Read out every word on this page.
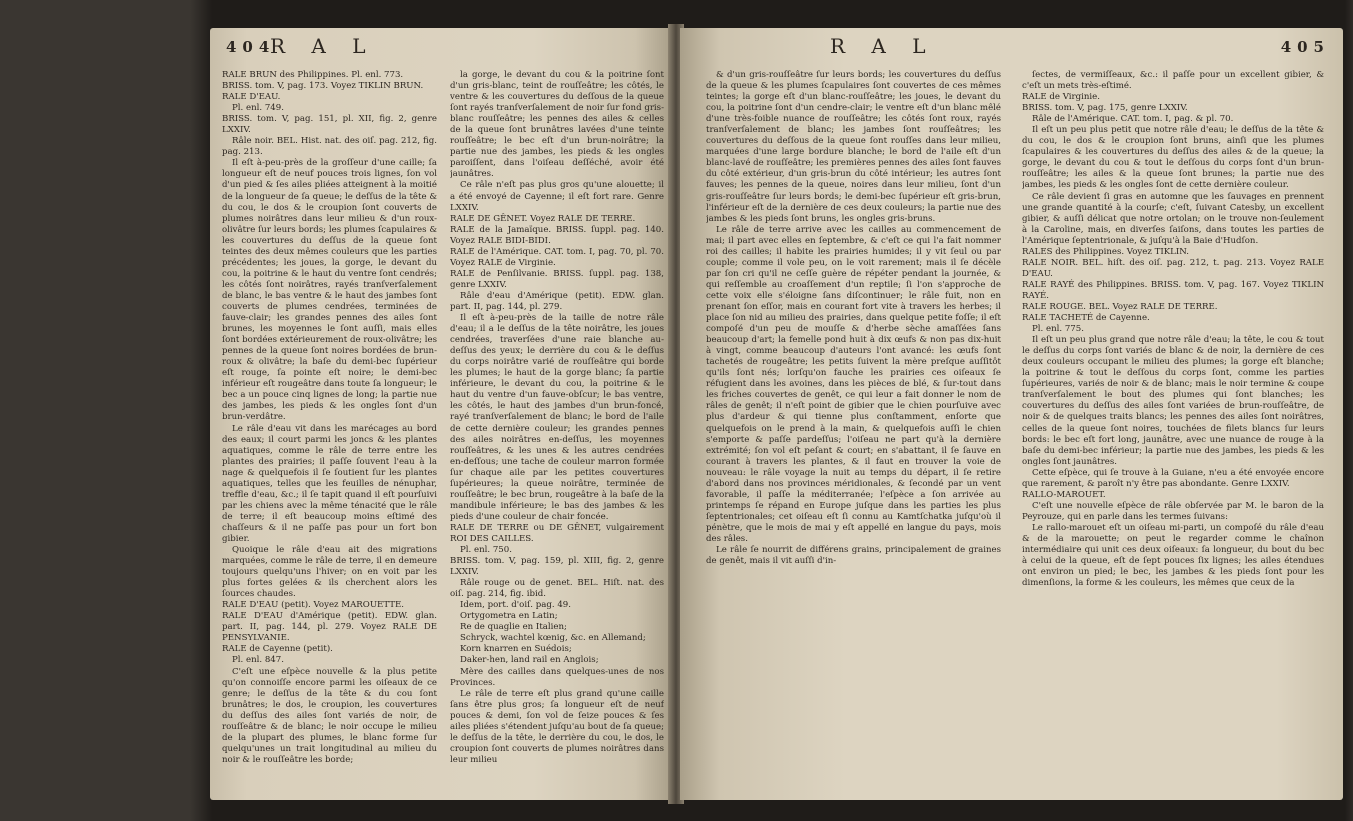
404
R A L

RALE BRUN des Philippines. Pl. enl. 773.

BRISS. tom. V, pag. 173. Voyez TIKLIN BRUN.

RALE D'EAU.

Pl. enl. 749.

BRISS. tom. V, pag. 151, pl. XII, fig. 2, genre LXXIV.

Râle noir. BEL. Hist. nat. des oiſ. pag. 212, fig. pag. 213.

Il eſt à-peu-près de la groſſeur d'une caille; ſa longueur eſt de neuf pouces trois lignes, ſon vol d'un pied & ſes ailes pliées atteignent à la moitié de la longueur de ſa queue; le deſſus de la tête & du cou, le dos & le croupion ſont couverts de plumes noirâtres dans leur milieu & d'un roux-olivâtre ſur leurs bords; les plumes ſcapulaires & les couvertures du deſſus de la queue ſont teintes des deux mêmes couleurs que les parties précédentes; les joues, la gorge, le devant du cou, la poitrine & le haut du ventre ſont cendrés; les côtés ſont noirâtres, rayés tranſverſalement de blanc, le bas ventre & le haut des jambes ſont couverts de plumes cendrées, terminées de fauve-clair; les grandes pennes des ailes ſont brunes, les moyennes le ſont auſſi, mais elles ſont bordées extérieurement de roux-olivâtre; les pennes de la queue ſont noires bordées de brun-roux & olivâtre; la baſe du demi-bec ſupérieur eſt rouge, ſa pointe eſt noire; le demi-bec inférieur eſt rougeâtre dans toute ſa longueur; le bec a un pouce cinq lignes de long; la partie nue des jambes, les pieds & les ongles ſont d'un brun-verdâtre.

Le râle d'eau vit dans les marécages au bord des eaux; il court parmi les joncs & les plantes aquatiques, comme le râle de terre entre les plantes des prairies; il paſſe ſouvent l'eau à la nage & quelquefois il ſe ſoutient ſur les plantes aquatiques, telles que les feuilles de nénuphar, treffle d'eau, &c.; il ſe tapit quand il eſt pourſuivi par les chiens avec la même ténacité que le râle de terre; il eſt beaucoup moins eſtimé des chaſſeurs & il ne paſſe pas pour un fort bon gibier.

Quoique le râle d'eau ait des migrations marquées, comme le râle de terre, il en demeure toujours quelqu'uns l'hiver; on en voit par les plus fortes gelées & ils cherchent alors les ſources chaudes.

RALE D'EAU (petit). Voyez MAROUETTE.

RALE D'EAU d'Amérique (petit). EDW. glan. part. II, pag. 144, pl. 279. Voyez RALE DE PENSYLVANIE.

RALE de Cayenne (petit).

Pl. enl. 847.

C'eſt une eſpèce nouvelle & la plus petite qu'on connoiſſe encore parmi les oiſeaux de ce genre; le deſſus de la tête & du cou ſont brunâtres; le dos, le croupion, les couvertures du deſſus des ailes ſont variés de noir, de rouſſeâtre & de blanc; le noir occupe le milieu de la plupart des plumes, le blanc forme ſur quelqu'unes un trait longitudinal au milieu du noir & le rouſſeâtre les borde;

la gorge, le devant du cou & la poitrine ſont d'un gris-blanc, teint de rouſſeâtre; les côtés, le ventre & les couvertures du deſſous de la queue ſont rayés tranſverſalement de noir ſur fond gris-blanc rouſſeâtre; les pennes des ailes & celles de la queue ſont brunâtres lavées d'une teinte rouſſeâtre; le bec eſt d'un brun-noirâtre; la partie nue des jambes, les pieds & les ongles paroiſſent, dans l'oiſeau deſſéché, avoir été jaunâtres.

Ce râle n'eſt pas plus gros qu'une alouette; il a été envoyé de Cayenne; il eſt fort rare. Genre LXXIV.

RALE DE GÊNET. Voyez RALE DE TERRE.

RALE de la Jamaïque. BRISS. ſuppl. pag. 140. Voyez RALE BIDI-BIDI.

RALE de l'Amérique. CAT. tom. I, pag. 70, pl. 70. Voyez RALE de Virginie.

RALE de Penſilvanie. BRISS. ſuppl. pag. 138, genre LXXIV.

Râle d'eau d'Amérique (petit). EDW. glan. part. II, pag. 144, pl. 279.

Il eſt à-peu-près de la taille de notre râle d'eau; il a le deſſus de la tête noirâtre, les joues cendrées, traverſées d'une raie blanche au-deſſus des yeux; le derrière du cou & le deſſus du corps noirâtre varié de rouſſeâtre qui borde les plumes; le haut de la gorge blanc; ſa partie inférieure, le devant du cou, la poitrine & le haut du ventre d'un fauve-obſcur; le bas ventre, les côtés, le haut des jambes d'un brun-foncé, rayé tranſverſalement de blanc; le bord de l'aile de cette dernière couleur; les grandes pennes des ailes noirâtres en-deſſus, les moyennes rouſſeâtres, & les unes & les autres cendrées en-deſſous; une tache de couleur marron formée ſur chaque aile par les petites couvertures ſupérieures; la queue noirâtre, terminée de rouſſeâtre; le bec brun, rougeâtre à la baſe de la mandibule inférieure; le bas des jambes & les pieds d'une couleur de chair foncée.

RALE DE TERRE ou DE GÊNET, vulgairement ROI DES CAILLES.

Pl. enl. 750.

BRISS. tom. V, pag. 159, pl. XIII, fig. 2, genre LXXIV.

Râle rouge ou de genet. BEL. Hiſt. nat. des oiſ. pag. 214, fig. ibid.

Idem, port. d'oiſ. pag. 49.

Ortygometra en Latin;

Re de quaglie en Italien;

Schryck, wachtel kœnig, &c. en Allemand;

Korn knarren en Suédois;

Daker-hen, land rail en Anglois;

Mère des cailles dans quelques-unes de nos Provinces.

Le râle de terre eſt plus grand qu'une caille ſans être plus gros; ſa longueur eſt de neuf pouces & demi, ſon vol de ſeize pouces & ſes ailes pliées s'étendent juſqu'au bout de ſa queue; le deſſus de la tête, le derrière du cou, le dos, le croupion ſont couverts de plumes noirâtres dans leur milieu

R A L	405

& d'un gris-rouſſeâtre ſur leurs bords; les couvertures du deſſus de la queue & les plumes ſcapulaires ſont couvertes de ces mêmes teintes; la gorge eſt d'un blanc-rouſſeâtre; les joues, le devant du cou, la poitrine ſont d'un cendre-clair; le ventre eſt d'un blanc mêlé d'une très-foible nuance de rouſſeâtre; les côtés ſont roux, rayés tranſverſalement de blanc; les jambes ſont rouſſeâtres; les couvertures du deſſous de la queue ſont rouſſes dans leur milieu, marquées d'une large bordure blanche; le bord de l'aile eſt d'un blanc-lavé de rouſſeâtre; les premières pennes des ailes ſont fauves du côté extérieur, d'un gris-brun du côté intérieur; les autres ſont fauves; les pennes de la queue, noires dans leur milieu, ſont d'un gris-rouſſeâtre ſur leurs bords; le demi-bec ſupérieur eſt gris-brun, l'inférieur eſt de la dernière de ces deux couleurs; la partie nue des jambes & les pieds ſont bruns, les ongles gris-bruns.

Le râle de terre arrive avec les cailles au commencement de mai; il part avec elles en ſeptembre, & c'eſt ce qui l'a fait nommer roi des cailles; il habite les prairies humides; il y vit ſeul ou par couple; comme il vole peu, on le voit rarement; mais il ſe décèle par ſon cri qu'il ne ceſſe guère de répéter pendant la journée, & qui reſſemble au croaſſement d'un reptile; ſi l'on s'approche de cette voix elle s'éloigne ſans diſcontinuer; le râle fuit, non en prenant ſon eſſor, mais en courant fort vite à travers les herbes; il place ſon nid au milieu des prairies, dans quelque petite foſſe; il eſt compoſé d'un peu de mouſſe & d'herbe sèche amaſſées ſans beaucoup d'art; la femelle pond huit à dix œufs & non pas dix-huit à vingt, comme beaucoup d'auteurs l'ont avancé: les œufs ſont tachetés de rougeâtre; les petits ſuivent la mère preſque auſſitôt qu'ils ſont nés; lorſqu'on fauche les prairies ces oiſeaux ſe réfugient dans les avoines, dans les pièces de blé, & ſur-tout dans les friches couvertes de genêt, ce qui leur a fait donner le nom de râles de genêt; il n'eſt point de gibier que le chien pourſuive avec plus d'ardeur & qui tienne plus conſtamment, enſorte que quelquefois on le prend à la main, & quelquefois auſſi le chien s'emporte & paſſe pardeſſus; l'oiſeau ne part qu'à la dernière extrémité; ſon vol eſt peſant & court; en s'abattant, il ſe ſauve en courant à travers les plantes, & il faut en trouver la voie de nouveau: le râle voyage la nuit au temps du départ, il ſe retire d'abord dans nos provinces méridionales, & ſecondé par un vent favorable, il paſſe la méditerranée; l'eſpèce a ſon arrivée au printemps ſe répand en Europe juſque dans les parties les plus ſeptentrionales; cet oiſeau eſt ſi connu au Kamtſchatka juſqu'où il pénètre, que le mois de mai y eſt appellé en langue du pays, mois des râles.

Le râle ſe nourrit de différens grains, principalement de graines de genêt, mais il vit auſſi d'in-

ſectes, de vermiſſeaux, &c.: il paſſe pour un excellent gibier, & c'eſt un mets très-eſtimé.

RALE de Virginie.

BRISS. tom. V, pag. 175, genre LXXIV.

Râle de l'Amérique. CAT. tom. I, pag. & pl. 70.

Il eſt un peu plus petit que notre râle d'eau; le deſſus de la tête & du cou, le dos & le croupion ſont bruns, ainſi que les plumes ſcapulaires & les couvertures du deſſus des ailes & de la queue; la gorge, le devant du cou & tout le deſſous du corps ſont d'un brun-rouſſeâtre; les ailes & la queue ſont brunes; la partie nue des jambes, les pieds & les ongles ſont de cette dernière couleur.

Ce râle devient ſi gras en automne que les ſauvages en prennent une grande quantité à la courſe; c'eſt, ſuivant Catesby, un excellent gibier, & auſſi délicat que notre ortolan; on le trouve non-ſeulement à la Caroline, mais, en diverſes ſaiſons, dans toutes les parties de l'Amérique ſeptentrionale, & juſqu'à la Baie d'Hudſon.

RALES des Philippines. Voyez TIKLIN.

RALE NOIR. BEL. hiſt. des oiſ. pag. 212, t. pag. 213. Voyez RALE D'EAU.

RALE RAYÉ des Philippines. BRISS. tom. V, pag. 167. Voyez TIKLIN RAYÉ.

RALE ROUGE. BEL. Voyez RALE DE TERRE.

RALE TACHETÉ de Cayenne.

Pl. enl. 775.

Il eſt un peu plus grand que notre râle d'eau; la tête, le cou & tout le deſſus du corps ſont variés de blanc & de noir, la dernière de ces deux couleurs occupant le milieu des plumes; la gorge eſt blanche; la poitrine & tout le deſſous du corps ſont, comme les parties ſupérieures, variés de noir & de blanc; mais le noir termine & coupe tranſverſalement le bout des plumes qui ſont blanches; les couvertures du deſſus des ailes ſont variées de brun-rouſſeâtre, de noir & de quelques traits blancs; les pennes des ailes ſont noirâtres, celles de la queue ſont noires, touchées de filets blancs ſur leurs bords: le bec eſt fort long, jaunâtre, avec une nuance de rouge à la baſe du demi-bec inférieur; la partie nue des jambes, les pieds & les ongles ſont jaunâtres.

Cette eſpèce, qui ſe trouve à la Guiane, n'eu a été envoyée encore que rarement, & paroît n'y être pas abondante. Genre LXXIV.

RALLO-MAROUET.

C'eſt une nouvelle eſpèce de râle obſervée par M. le baron de la Peyrouze, qui en parle dans les termes ſuivans:

Le rallo-marouet eſt un oiſeau mi-parti, un compoſé du râle d'eau & de la marouette; on peut le regarder comme le chaînon intermédiaire qui unit ces deux oiſeaux: ſa longueur, du bout du bec à celui de la queue, eſt de ſept pouces ſix lignes; les ailes étendues ont environ un pied; le bec, les jambes & les pieds ſont pour les dimenſions, la forme & les couleurs, les mêmes que ceux de la
